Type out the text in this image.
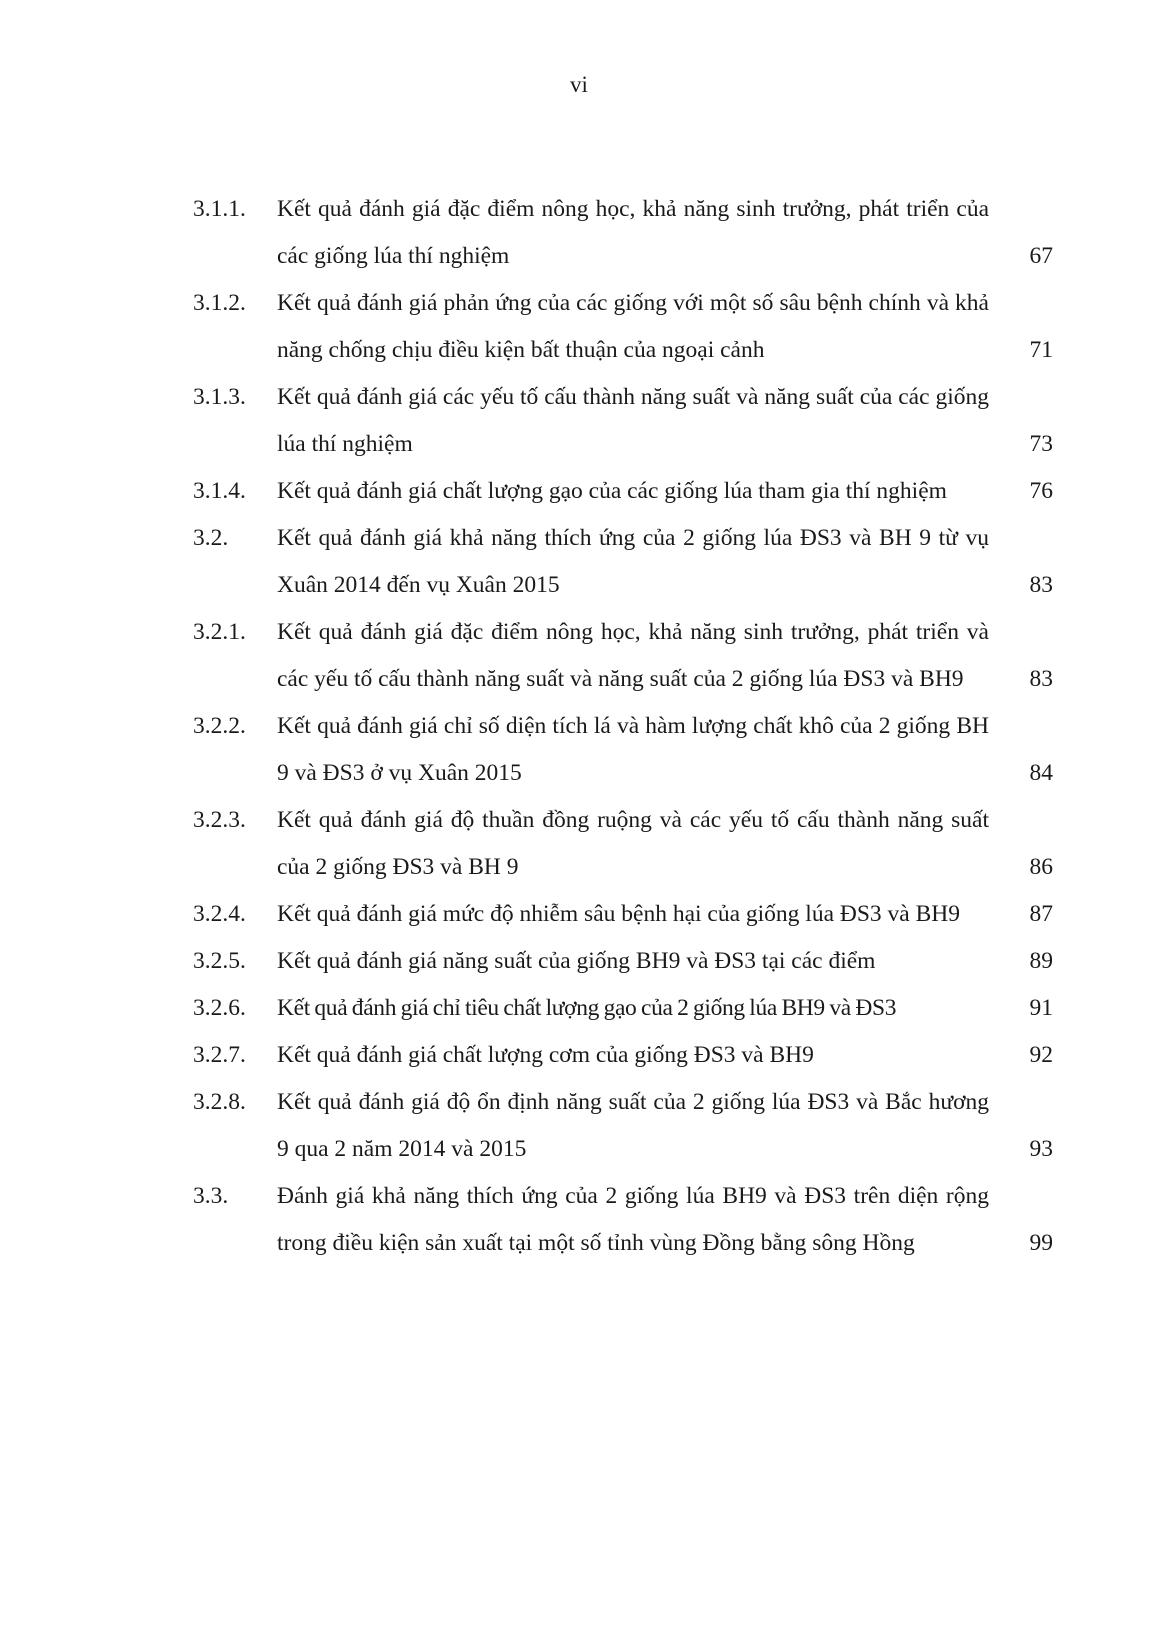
vi
3.1.1.	Kết quả đánh giá đặc điểm nông học, khả năng sinh trưởng, phát triển của các giống lúa thí nghiệm	67
3.1.2.	Kết quả đánh giá phản ứng của các giống với một số sâu bệnh chính và khả năng chống chịu điều kiện bất thuận của ngoại cảnh	71
3.1.3.	Kết quả đánh giá các yếu tố cấu thành năng suất và năng suất của các giống lúa thí nghiệm	73
3.1.4.	Kết quả đánh giá chất lượng gạo của các giống lúa tham gia thí nghiệm	76
3.2.	Kết quả đánh giá khả năng thích ứng của 2 giống lúa ĐS3 và BH 9 từ vụ Xuân 2014 đến vụ Xuân 2015	83
3.2.1.	Kết quả đánh giá đặc điểm nông học, khả năng sinh trưởng, phát triển và các yếu tố cấu thành năng suất và năng suất của 2 giống lúa ĐS3 và BH9	83
3.2.2.	Kết quả đánh giá chỉ số diện tích lá và hàm lượng chất khô của 2 giống BH 9 và ĐS3 ở vụ Xuân 2015	84
3.2.3.	Kết quả đánh giá độ thuần đồng ruộng và các yếu tố cấu thành năng suất của 2 giống ĐS3 và BH 9	86
3.2.4.	Kết quả đánh giá mức độ nhiễm sâu bệnh hại của giống lúa ĐS3 và BH9	87
3.2.5.	Kết quả đánh giá năng suất của giống BH9 và ĐS3 tại các điểm	89
3.2.6.	Kết quả đánh giá chỉ tiêu chất lượng gạo của 2 giống lúa BH9 và ĐS3	91
3.2.7.	Kết quả đánh giá chất lượng cơm của giống ĐS3 và BH9	92
3.2.8.	Kết quả đánh giá độ ổn định năng suất của 2 giống lúa ĐS3 và Bắc hương 9 qua 2 năm 2014 và 2015	93
3.3.	Đánh giá khả năng thích ứng của 2 giống lúa BH9 và ĐS3 trên diện rộng trong điều kiện sản xuất tại một số tỉnh vùng Đồng bằng sông Hồng	99
